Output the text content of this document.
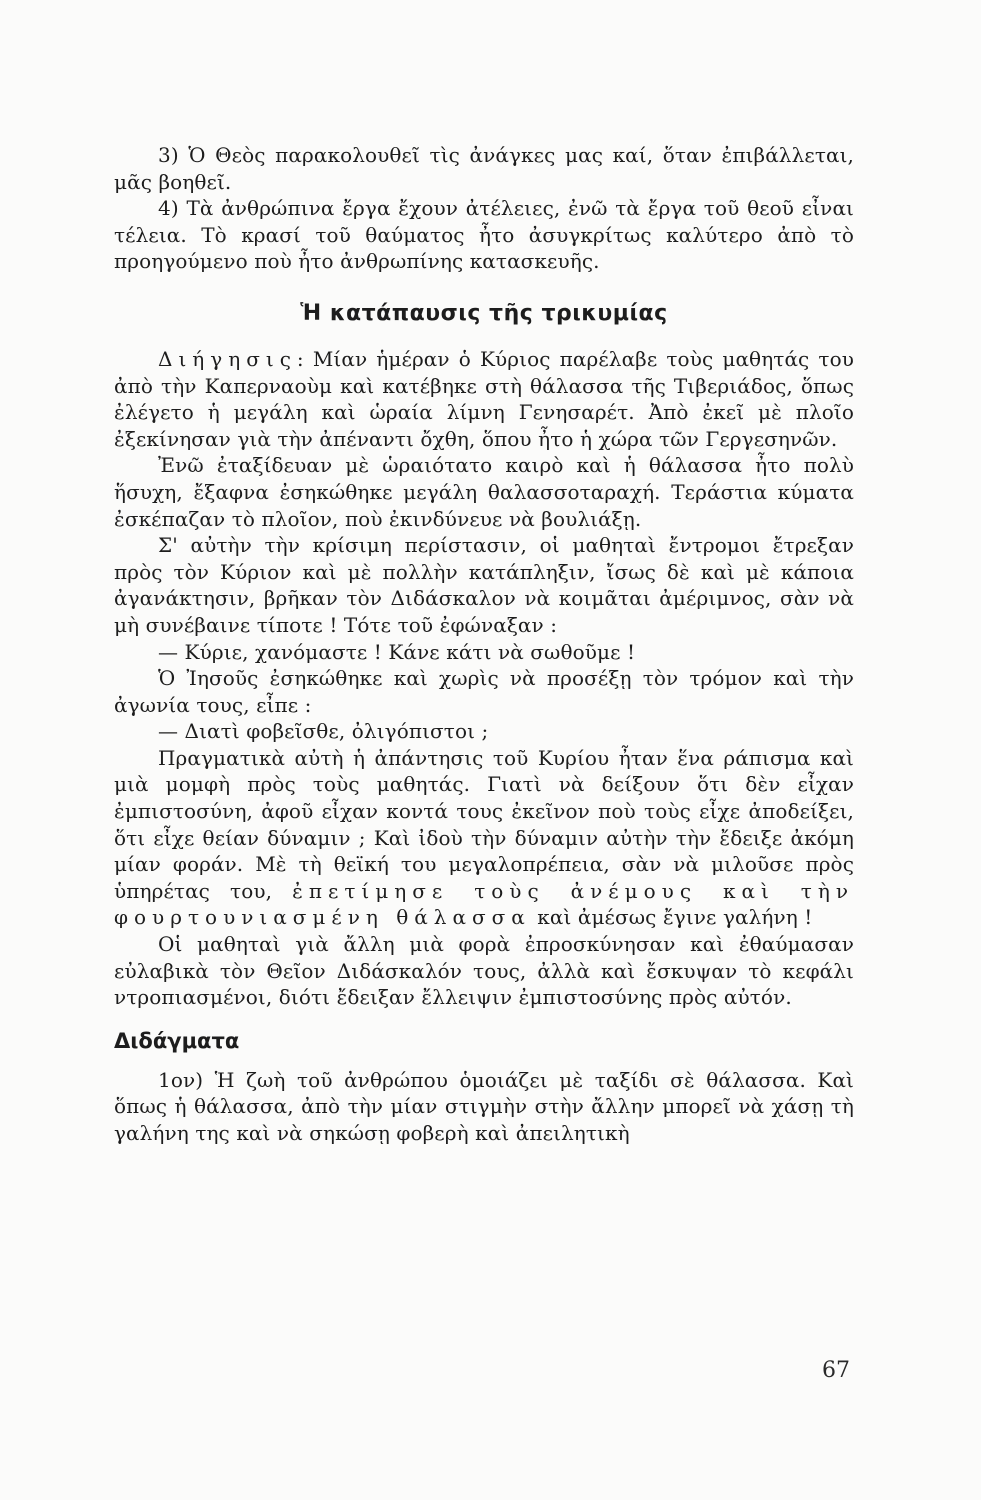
3) Ὁ Θεὸς παρακολουθεῖ τὶς ἀνάγκες μας καί, ὅταν ἐπιβάλλεται, μᾶς βοηθεῖ.

4) Τὰ ἀνθρώπινα ἔργα ἔχουν ἀτέλειες, ἐνῶ τὰ ἔργα τοῦ θεοῦ εἶναι τέλεια. Τὸ κρασί τοῦ θαύματος ἦτο ἀσυγκρίτως καλύτερο ἀπὸ τὸ προηγούμενο ποὺ ἦτο ἀνθρωπίνης κατασκευῆς.

Ἡ κατάπαυσις τῆς τρικυμίας

Διήγησις: Μίαν ἡμέραν ὁ Κύριος παρέλαβε τοὺς μαθητάς του ἀπὸ τὴν Καπερναοὺμ καὶ κατέβηκε στὴ θάλασσα τῆς Τιβεριάδος, ὅπως ἐλέγετο ἡ μεγάλη καὶ ὡραία λίμνη Γενησαρέτ. Ἀπὸ ἐκεῖ μὲ πλοῖο ἐξεκίνησαν γιὰ τὴν ἀπέναντι ὄχθη, ὅπου ἦτο ἡ χώρα τῶν Γεργεσηνῶν.

Ἐνῶ ἐταξίδευαν μὲ ὡραιότατο καιρὸ καὶ ἡ θάλασσα ἦτο πολὺ ἥσυχη, ἔξαφνα ἐσηκώθηκε μεγάλη θαλασσοταραχή. Τεράστια κύματα ἐσκέπαζαν τὸ πλοῖον, ποὺ ἐκινδύνευε νὰ βουλιάξῃ.

Σ' αὐτὴν τὴν κρίσιμη περίστασιν, οἱ μαθηταὶ ἔντρομοι ἔτρεξαν πρὸς τὸν Κύριον καὶ μὲ πολλὴν κατάπληξιν, ἴσως δὲ καὶ μὲ κάποια ἀγανάκτησιν, βρῆκαν τὸν Διδάσκαλον νὰ κοιμᾶται ἀμέριμνος, σὰν νὰ μὴ συνέβαινε τίποτε ! Τότε τοῦ ἐφώναξαν :

— Κύριε, χανόμαστε ! Κάνε κάτι νὰ σωθοῦμε !

Ὁ Ἰησοῦς ἐσηκώθηκε καὶ χωρὶς νὰ προσέξῃ τὸν τρόμον καὶ τὴν ἀγωνία τους, εἶπε :

— Διατὶ φοβεῖσθε, ὀλιγόπιστοι ;

Πραγματικὰ αὐτὴ ἡ ἀπάντησις τοῦ Κυρίου ἦταν ἕνα ράπισμα καὶ μιὰ μομφὴ πρὸς τοὺς μαθητάς. Γιατὶ νὰ δείξουν ὅτι δὲν εἶχαν ἐμπιστοσύνη, ἀφοῦ εἶχαν κοντά τους ἐκεῖνον ποὺ τοὺς εἶχε ἀποδείξει, ὅτι εἶχε θείαν δύναμιν ; Καὶ ἰδοὺ τὴν δύναμιν αὐτὴν τὴν ἔδειξε ἀκόμη μίαν φοράν. Μὲ τὴ θεϊκή του μεγαλοπρέπεια, σὰν νὰ μιλοῦσε πρὸς ὑπηρέτας του, ἐπετίμησε τοὺς ἀνέμους καὶ τὴν φουρτουνιασμένη θάλασσα καὶ ἀμέσως ἔγινε γαλήνη !

Οἱ μαθηταὶ γιὰ ἄλλη μιὰ φορὰ ἐπροσκύνησαν καὶ ἐθαύμασαν εὐλαβικὰ τὸν Θεῖον Διδάσκαλόν τους, ἀλλὰ καὶ ἔσκυψαν τὸ κεφάλι ντροπιασμένοι, διότι ἔδειξαν ἔλλειψιν ἐμπιστοσύνης πρὸς αὐτόν.

Διδάγματα

1ον) Ἡ ζωὴ τοῦ ἀνθρώπου ὁμοιάζει μὲ ταξίδι σὲ θάλασσα. Καὶ ὅπως ἡ θάλασσα, ἀπὸ τὴν μίαν στιγμὴν στὴν ἄλλην μπορεῖ νὰ χάσῃ τὴ γαλήνη της καὶ νὰ σηκώσῃ φοβερὴ καὶ ἀπειλητικὴ

67
